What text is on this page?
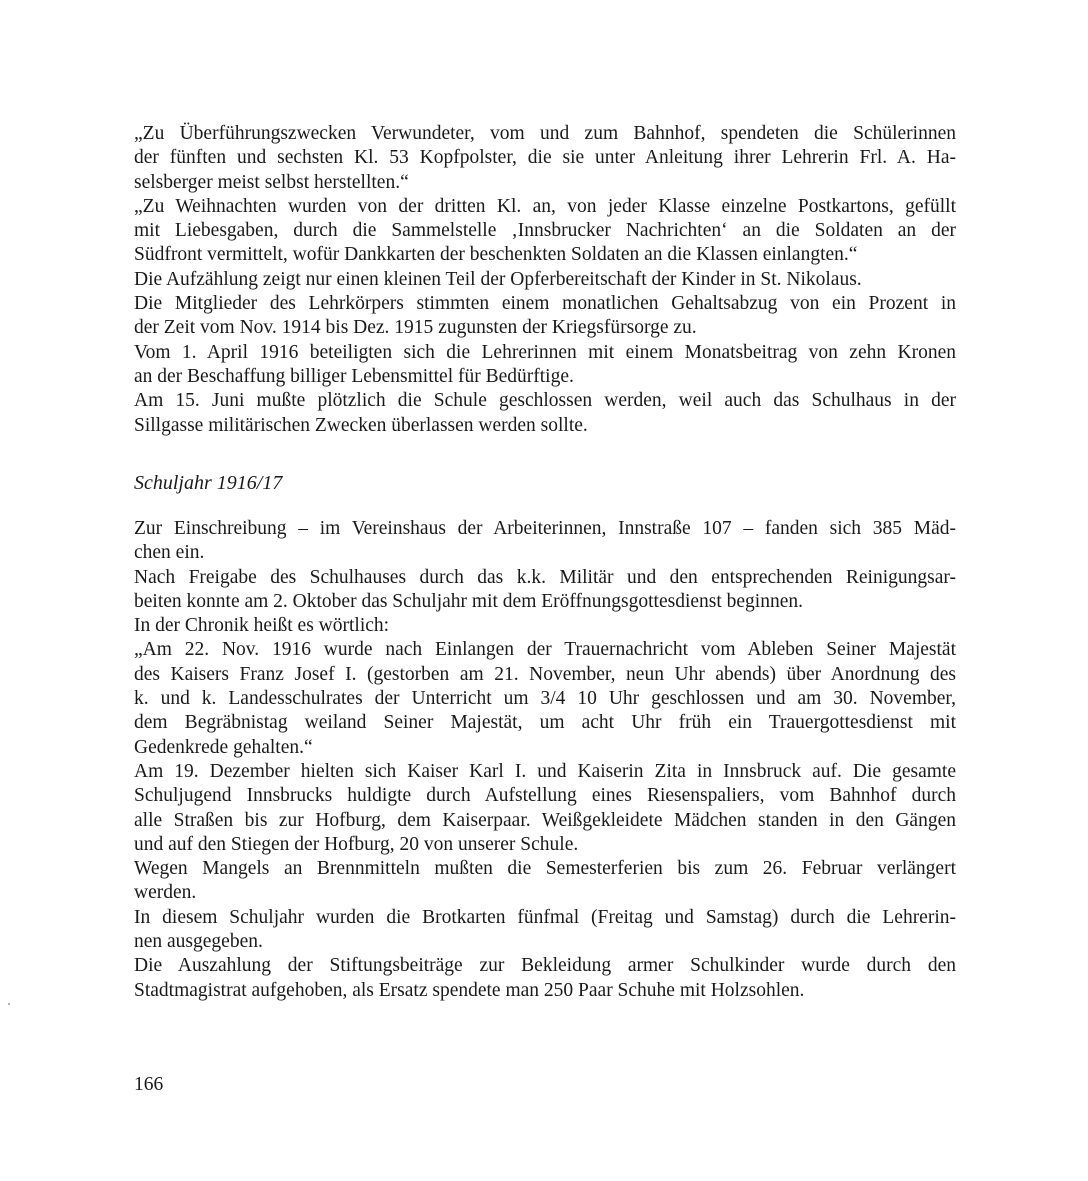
„Zu Überführungszwecken Verwundeter, vom und zum Bahnhof, spendeten die Schülerinnen
der fünften und sechsten Kl. 53 Kopfpolster, die sie unter Anleitung ihrer Lehrerin Frl. A. Ha-
selsberger meist selbst herstellten.“
„Zu Weihnachten wurden von der dritten Kl. an, von jeder Klasse einzelne Postkartons, gefüllt
mit Liebesgaben, durch die Sammelstelle ‚Innsbrucker Nachrichten‘ an die Soldaten an der
Südfront vermittelt, wofür Dankkarten der beschenkten Soldaten an die Klassen einlangten.“
Die Aufzählung zeigt nur einen kleinen Teil der Opferbereitschaft der Kinder in St. Nikolaus.
Die Mitglieder des Lehrkörpers stimmten einem monatlichen Gehaltsabzug von ein Prozent in
der Zeit vom Nov. 1914 bis Dez. 1915 zugunsten der Kriegsfürsorge zu.
Vom 1. April 1916 beteiligten sich die Lehrerinnen mit einem Monatsbeitrag von zehn Kronen
an der Beschaffung billiger Lebensmittel für Bedürftige.
Am 15. Juni mußte plötzlich die Schule geschlossen werden, weil auch das Schulhaus in der
Sillgasse militärischen Zwecken überlassen werden sollte.
Schuljahr 1916/17
Zur Einschreibung – im Vereinshaus der Arbeiterinnen, Innstraße 107 – fanden sich 385 Mäd-
chen ein.
Nach Freigabe des Schulhauses durch das k.k. Militär und den entsprechenden Reinigungsar-
beiten konnte am 2. Oktober das Schuljahr mit dem Eröffnungsgottesdienst beginnen.
In der Chronik heißt es wörtlich:
„Am 22. Nov. 1916 wurde nach Einlangen der Trauernachricht vom Ableben Seiner Majestät
des Kaisers Franz Josef I. (gestorben am 21. November, neun Uhr abends) über Anordnung des
k. und k. Landesschulrates der Unterricht um 3/4 10 Uhr geschlossen und am 30. November,
dem Begräbnistag weiland Seiner Majestät, um acht Uhr früh ein Trauergottesdienst mit
Gedenkrede gehalten.“
Am 19. Dezember hielten sich Kaiser Karl I. und Kaiserin Zita in Innsbruck auf. Die gesamte
Schuljugend Innsbrucks huldigte durch Aufstellung eines Riesenspaliers, vom Bahnhof durch
alle Straßen bis zur Hofburg, dem Kaiserpaar. Weißgekleidete Mädchen standen in den Gängen
und auf den Stiegen der Hofburg, 20 von unserer Schule.
Wegen Mangels an Brennmitteln mußten die Semesterferien bis zum 26. Februar verlängert
werden.
In diesem Schuljahr wurden die Brotkarten fünfmal (Freitag und Samstag) durch die Lehrerin-
nen ausgegeben.
Die Auszahlung der Stiftungsbeiträge zur Bekleidung armer Schulkinder wurde durch den
Stadtmagistrat aufgehoben, als Ersatz spendete man 250 Paar Schuhe mit Holzsohlen.
166
